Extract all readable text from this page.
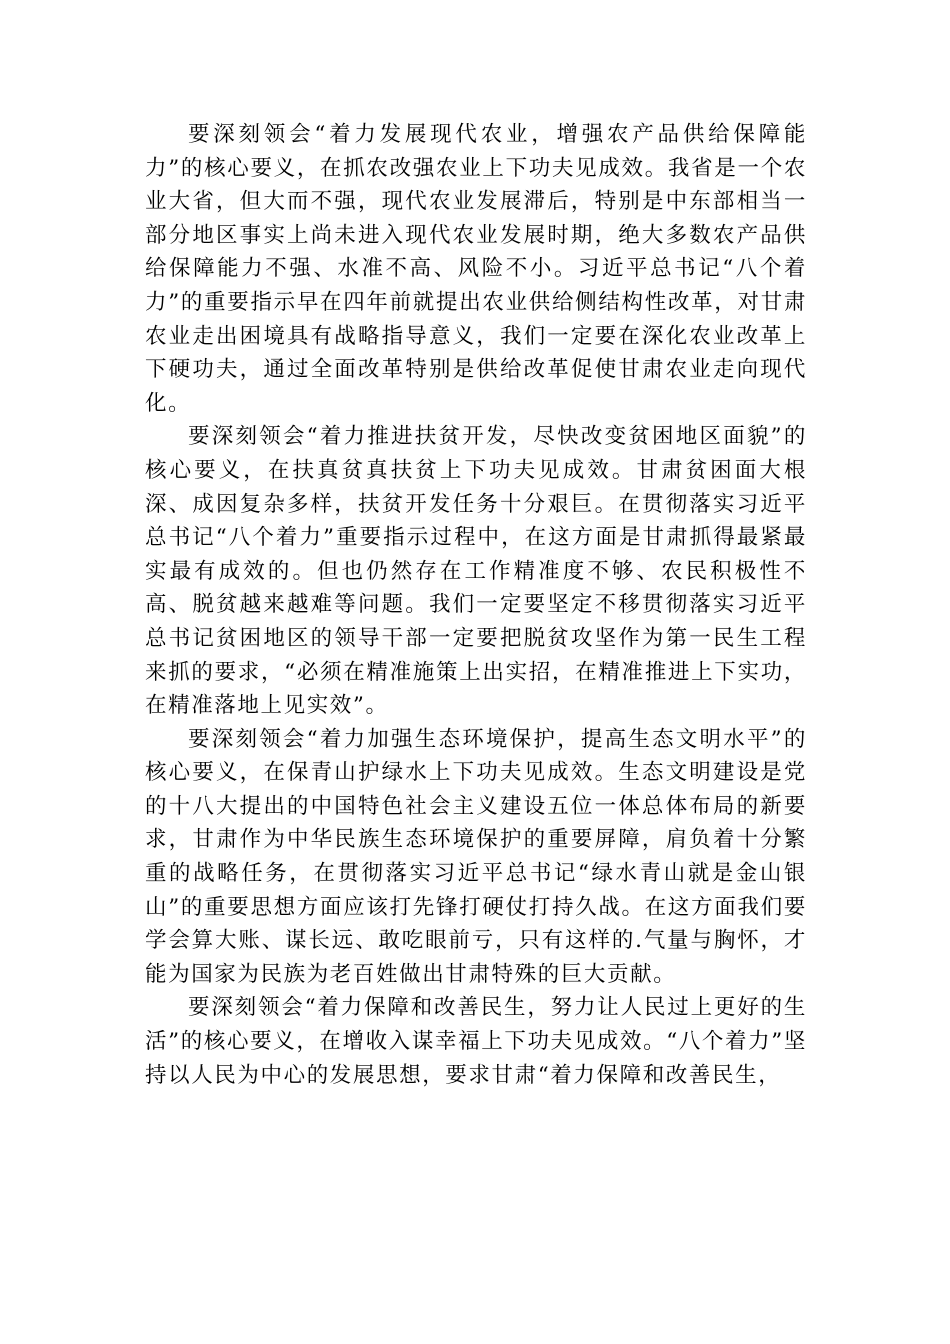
要深刻领会“着力发展现代农业，增强农产品供给保障能力”的核心要义，在抓农改强农业上下功夫见成效。我省是一个农业大省，但大而不强，现代农业发展滞后，特别是中东部相当一部分地区事实上尚未进入现代农业发展时期，绝大多数农产品供给保障能力不强、水准不高、风险不小。习近平总书记“八个着力”的重要指示早在四年前就提出农业供给侧结构性改革，对甘肃农业走出困境具有战略指导意义，我们一定要在深化农业改革上下硬功夫，通过全面改革特别是供给改革促使甘肃农业走向现代化。

要深刻领会“着力推进扶贫开发，尽快改变贫困地区面貌”的核心要义，在扶真贫真扶贫上下功夫见成效。甘肃贫困面大根深、成因复杂多样，扶贫开发任务十分艰巨。在贯彻落实习近平总书记“八个着力”重要指示过程中，在这方面是甘肃抓得最紧最实最有成效的。但也仍然存在工作精准度不够、农民积极性不高、脱贫越来越难等问题。我们一定要坚定不移贯彻落实习近平总书记贫困地区的领导干部一定要把脱贫攻坚作为第一民生工程来抓的要求，“必须在精准施策上出实招，在精准推进上下实功，在精准落地上见实效”。

要深刻领会“着力加强生态环境保护，提高生态文明水平”的核心要义，在保青山护绿水上下功夫见成效。生态文明建设是党的十八大提出的中国特色社会主义建设五位一体总体布局的新要求，甘肃作为中华民族生态环境保护的重要屏障，肩负着十分繁重的战略任务，在贯彻落实习近平总书记“绿水青山就是金山银山”的重要思想方面应该打先锋打硬仗打持久战。在这方面我们要学会算大账、谋长远、敢吃眼前亏，只有这样的.气量与胸怀，才能为国家为民族为老百姓做出甘肃特殊的巨大贡献。

要深刻领会“着力保障和改善民生，努力让人民过上更好的生活”的核心要义，在增收入谋幸福上下功夫见成效。“八个着力”坚持以人民为中心的发展思想，要求甘肃“着力保障和改善民生，
